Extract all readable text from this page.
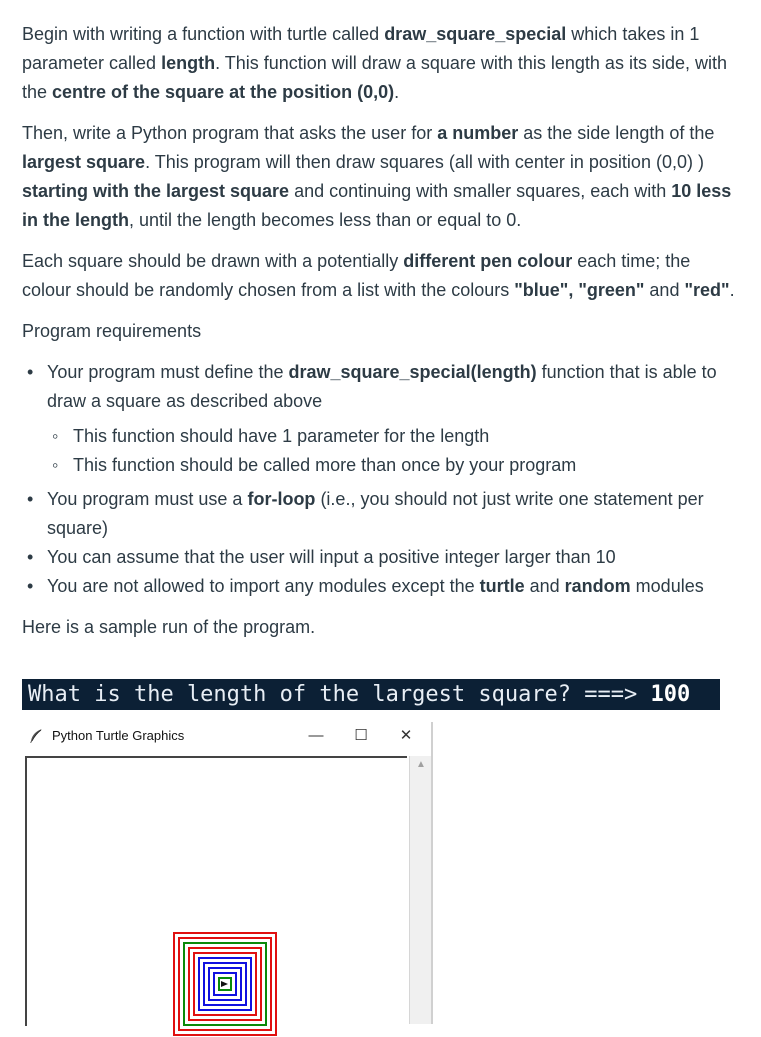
Begin with writing a function with turtle called draw_square_special which takes in 1 parameter called length. This function will draw a square with this length as its side, with the centre of the square at the position (0,0).

Then, write a Python program that asks the user for a number as the side length of the largest square. This program will then draw squares (all with center in position (0,0) ) starting with the largest square and continuing with smaller squares, each with 10 less in the length, until the length becomes less than or equal to 0.

Each square should be drawn with a potentially different pen colour each time; the colour should be randomly chosen from a list with the colours "blue", "green" and "red".

Program requirements

• Your program must define the draw_square_special(length) function that is able to draw a square as described above
◦ This function should have 1 parameter for the length
◦ This function should be called more than once by your program
• You program must use a for-loop (i.e., you should not just write one statement per square)
• You can assume that the user will input a positive integer larger than 10
• You are not allowed to import any modules except the turtle and random modules

Here is a sample run of the program.

What is the length of the largest square? ===> 100
Python Turtle Graphics	—	☐	✕
▲
